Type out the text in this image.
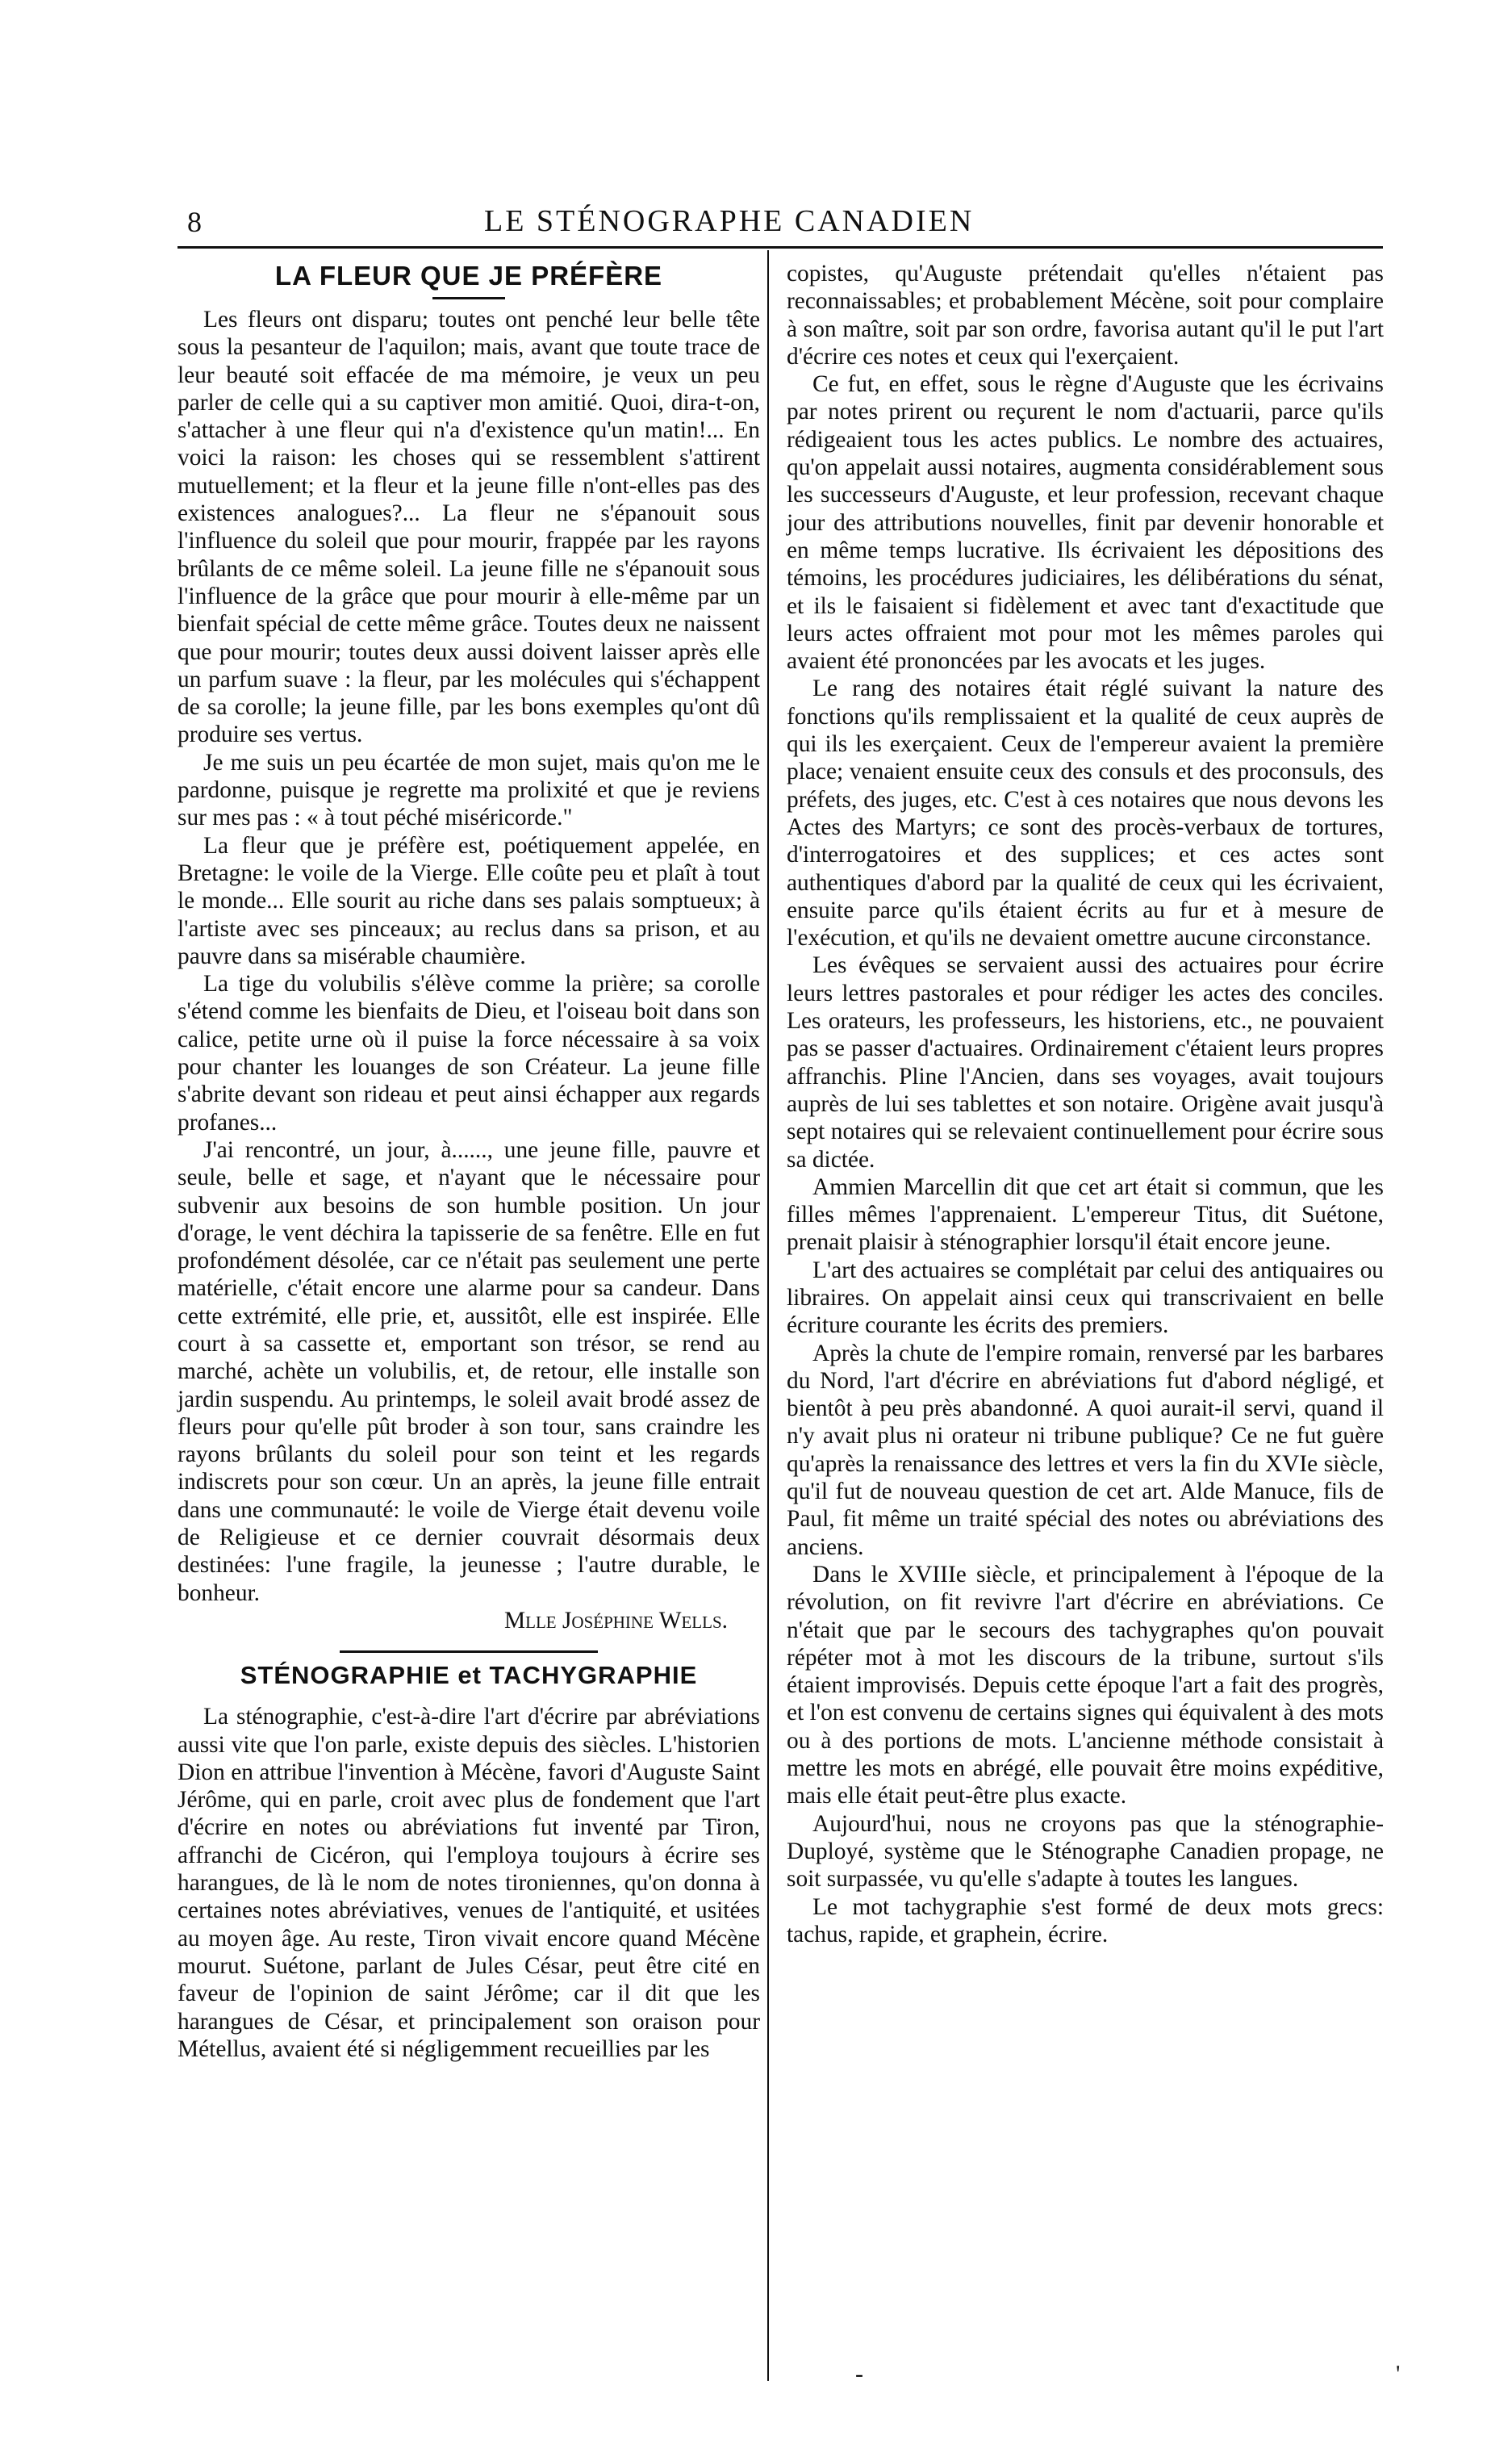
8	LE STÉNOGRAPHE CANADIEN
LA FLEUR QUE JE PRÉFÈRE

Les fleurs ont disparu; toutes ont penché leur belle tête sous la pesanteur de l'aquilon; mais, avant que toute trace de leur beauté soit effacée de ma mémoire, je veux un peu parler de celle qui a su captiver mon amitié. Quoi, dira-t-on, s'attacher à une fleur qui n'a d'existence qu'un matin!... En voici la raison: les choses qui se ressemblent s'attirent mutuellement; et la fleur et la jeune fille n'ont-elles pas des existences analogues?... La fleur ne s'épanouit sous l'influence du soleil que pour mourir, frappée par les rayons brûlants de ce même soleil. La jeune fille ne s'épanouit sous l'influence de la grâce que pour mourir à elle-même par un bienfait spécial de cette même grâce. Toutes deux ne naissent que pour mourir; toutes deux aussi doivent laisser après elle un parfum suave : la fleur, par les molécules qui s'échappent de sa corolle; la jeune fille, par les bons exemples qu'ont dû produire ses vertus.

Je me suis un peu écartée de mon sujet, mais qu'on me le pardonne, puisque je regrette ma prolixité et que je reviens sur mes pas : « à tout péché miséricorde."

La fleur que je préfère est, poétiquement appelée, en Bretagne: le voile de la Vierge. Elle coûte peu et plaît à tout le monde... Elle sourit au riche dans ses palais somptueux; à l'artiste avec ses pinceaux; au reclus dans sa prison, et au pauvre dans sa misérable chaumière.

La tige du volubilis s'élève comme la prière; sa corolle s'étend comme les bienfaits de Dieu, et l'oiseau boit dans son calice, petite urne où il puise la force nécessaire à sa voix pour chanter les louanges de son Créateur. La jeune fille s'abrite devant son rideau et peut ainsi échapper aux regards profanes...

J'ai rencontré, un jour, à......, une jeune fille, pauvre et seule, belle et sage, et n'ayant que le nécessaire pour subvenir aux besoins de son humble position. Un jour d'orage, le vent déchira la tapisserie de sa fenêtre. Elle en fut profondément désolée, car ce n'était pas seulement une perte matérielle, c'était encore une alarme pour sa candeur. Dans cette extrémité, elle prie, et, aussitôt, elle est inspirée. Elle court à sa cassette et, emportant son trésor, se rend au marché, achète un volubilis, et, de retour, elle installe son jardin suspendu. Au printemps, le soleil avait brodé assez de fleurs pour qu'elle pût broder à son tour, sans craindre les rayons brûlants du soleil pour son teint et les regards indiscrets pour son cœur. Un an après, la jeune fille entrait dans une communauté: le voile de Vierge était devenu voile de Religieuse et ce dernier couvrait désormais deux destinées: l'une fragile, la jeunesse ; l'autre durable, le bonheur.

Mlle Joséphine Wells.

STÉNOGRAPHIE et TACHYGRAPHIE

La sténographie, c'est-à-dire l'art d'écrire par abréviations aussi vite que l'on parle, existe depuis des siècles. L'historien Dion en attribue l'invention à Mécène, favori d'Auguste Saint Jérôme, qui en parle, croit avec plus de fondement que l'art d'écrire en notes ou abréviations fut inventé par Tiron, affranchi de Cicéron, qui l'employa toujours à écrire ses harangues, de là le nom de notes tironiennes, qu'on donna à certaines notes abréviatives, venues de l'antiquité, et usitées au moyen âge. Au reste, Tiron vivait encore quand Mécène mourut. Suétone, parlant de Jules César, peut être cité en faveur de l'opinion de saint Jérôme; car il dit que les harangues de César, et principalement son oraison pour Métellus, avaient été si négligemment recueillies par les

copistes, qu'Auguste prétendait qu'elles n'étaient pas reconnaissables; et probablement Mécène, soit pour complaire à son maître, soit par son ordre, favorisa autant qu'il le put l'art d'écrire ces notes et ceux qui l'exerçaient.

Ce fut, en effet, sous le règne d'Auguste que les écrivains par notes prirent ou reçurent le nom d'actuarii, parce qu'ils rédigeaient tous les actes publics. Le nombre des actuaires, qu'on appelait aussi notaires, augmenta considérablement sous les successeurs d'Auguste, et leur profession, recevant chaque jour des attributions nouvelles, finit par devenir honorable et en même temps lucrative. Ils écrivaient les dépositions des témoins, les procédures judiciaires, les délibérations du sénat, et ils le faisaient si fidèlement et avec tant d'exactitude que leurs actes offraient mot pour mot les mêmes paroles qui avaient été prononcées par les avocats et les juges.

Le rang des notaires était réglé suivant la nature des fonctions qu'ils remplissaient et la qualité de ceux auprès de qui ils les exerçaient. Ceux de l'empereur avaient la première place; venaient ensuite ceux des consuls et des proconsuls, des préfets, des juges, etc. C'est à ces notaires que nous devons les Actes des Martyrs; ce sont des procès-verbaux de tortures, d'interrogatoires et des supplices; et ces actes sont authentiques d'abord par la qualité de ceux qui les écrivaient, ensuite parce qu'ils étaient écrits au fur et à mesure de l'exécution, et qu'ils ne devaient omettre aucune circonstance.

Les évêques se servaient aussi des actuaires pour écrire leurs lettres pastorales et pour rédiger les actes des conciles. Les orateurs, les professeurs, les historiens, etc., ne pouvaient pas se passer d'actuaires. Ordinairement c'étaient leurs propres affranchis. Pline l'Ancien, dans ses voyages, avait toujours auprès de lui ses tablettes et son notaire. Origène avait jusqu'à sept notaires qui se relevaient continuellement pour écrire sous sa dictée.

Ammien Marcellin dit que cet art était si commun, que les filles mêmes l'apprenaient. L'empereur Titus, dit Suétone, prenait plaisir à sténographier lorsqu'il était encore jeune.

L'art des actuaires se complétait par celui des antiquaires ou libraires. On appelait ainsi ceux qui transcrivaient en belle écriture courante les écrits des premiers.

Après la chute de l'empire romain, renversé par les barbares du Nord, l'art d'écrire en abréviations fut d'abord négligé, et bientôt à peu près abandonné. A quoi aurait-il servi, quand il n'y avait plus ni orateur ni tribune publique? Ce ne fut guère qu'après la renaissance des lettres et vers la fin du XVIe siècle, qu'il fut de nouveau question de cet art. Alde Manuce, fils de Paul, fit même un traité spécial des notes ou abréviations des anciens.

Dans le XVIIIe siècle, et principalement à l'époque de la révolution, on fit revivre l'art d'écrire en abréviations. Ce n'était que par le secours des tachygraphes qu'on pouvait répéter mot à mot les discours de la tribune, surtout s'ils étaient improvisés. Depuis cette époque l'art a fait des progrès, et l'on est convenu de certains signes qui équivalent à des mots ou à des portions de mots. L'ancienne méthode consistait à mettre les mots en abrégé, elle pouvait être moins expéditive, mais elle était peut-être plus exacte.

Aujourd'hui, nous ne croyons pas que la sténographie-Duployé, système que le Sténographe Canadien propage, ne soit surpassée, vu qu'elle s'adapte à toutes les langues.

Le mot tachygraphie s'est formé de deux mots grecs: tachus, rapide, et graphein, écrire.

-	'
